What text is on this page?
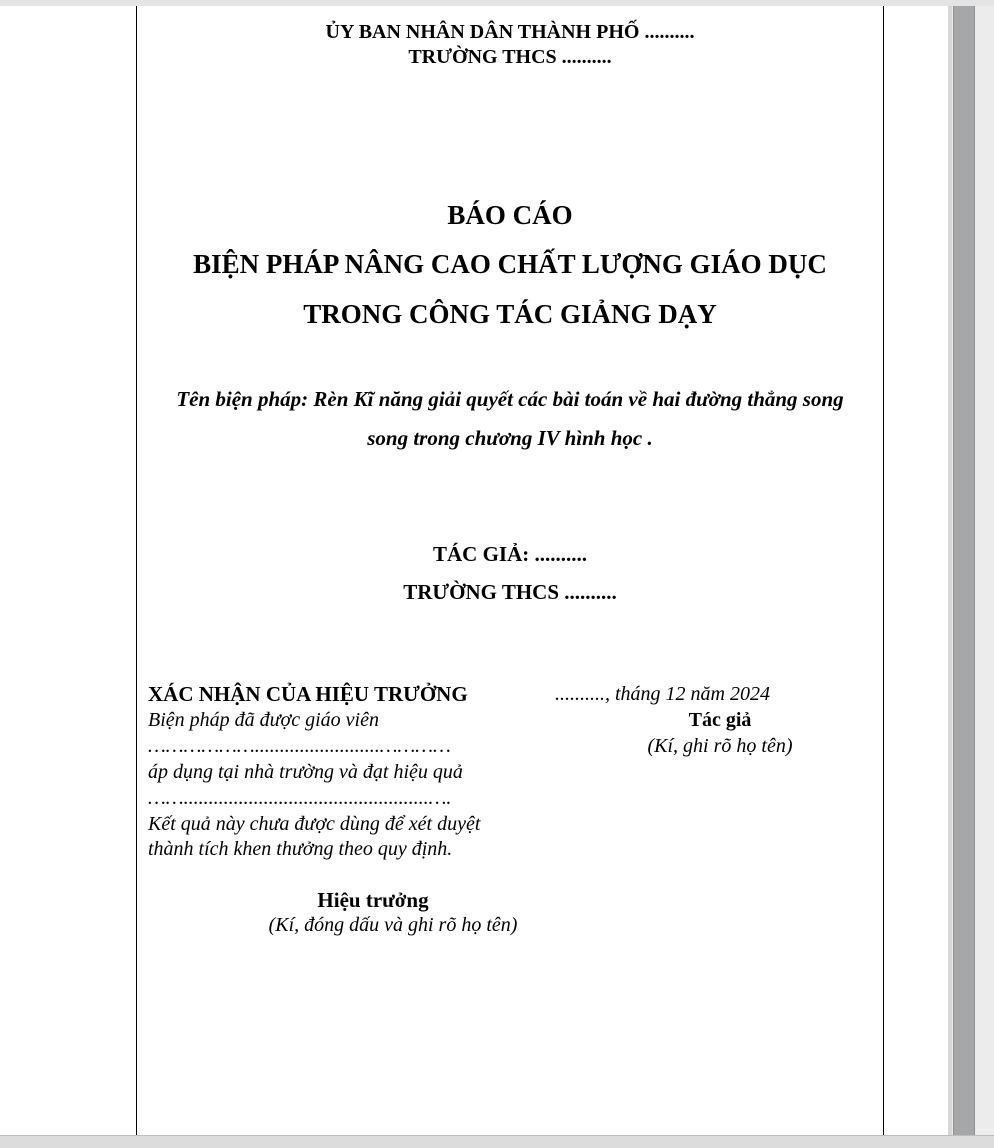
ỦY BAN NHÂN DÂN THÀNH PHỐ ..........
TRƯỜNG THCS ..........
BÁO CÁO
BIỆN PHÁP NÂNG CAO CHẤT LƯỢNG GIÁO DỤC
TRONG CÔNG TÁC GIẢNG DẠY
Tên biện pháp: Rèn Kĩ năng giải quyết các bài toán về hai đường thẳng song
song trong chương IV hình học .
TÁC GIẢ: ..........
TRƯỜNG THCS ..........
XÁC NHẬN CỦA HIỆU TRƯỞNG
Biện pháp đã được giáo viên
……………….........................…………
áp dụng tại nhà trường và đạt hiệu quả
…….................................................….
Kết quả này chưa được dùng để xét duyệt
thành tích khen thưởng theo quy định.
Hiệu trưởng
(Kí, đóng dấu và ghi rõ họ tên)
.........., tháng 12 năm 2024
Tác giả
(Kí, ghi rõ họ tên)
